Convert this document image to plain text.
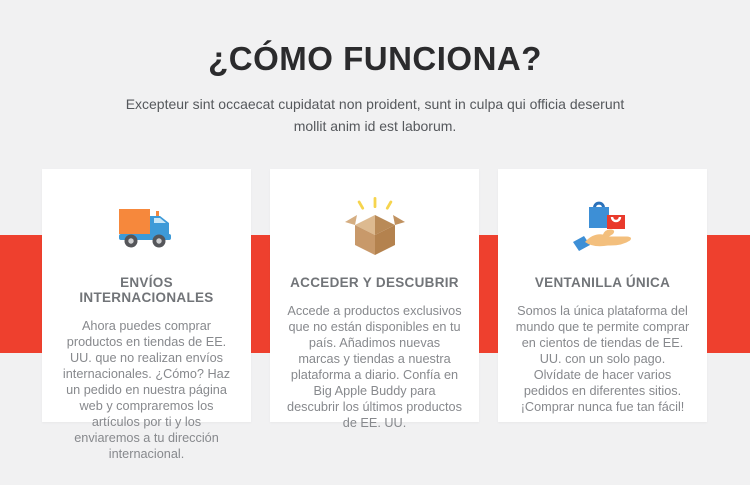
¿CÓMO FUNCIONA?

Excepteur sint occaecat cupidatat non proident, sunt in culpa qui officia deserunt mollit anim id est laborum.

ENVÍOS INTERNACIONALES
Ahora puedes comprar productos en tiendas de EE. UU. que no realizan envíos internacionales. ¿Cómo? Haz un pedido en nuestra página web y compraremos los artículos por ti y los enviaremos a tu dirección internacional.
ACCEDER Y DESCUBRIR
Accede a productos exclusivos que no están disponibles en tu país. Añadimos nuevas marcas y tiendas a nuestra plataforma a diario. Confía en Big Apple Buddy para descubrir los últimos productos de EE. UU.
VENTANILLA ÚNICA
Somos la única plataforma del mundo que te permite comprar en cientos de tiendas de EE. UU. con un solo pago. Olvídate de hacer varios pedidos en diferentes sitios. ¡Comprar nunca fue tan fácil!
